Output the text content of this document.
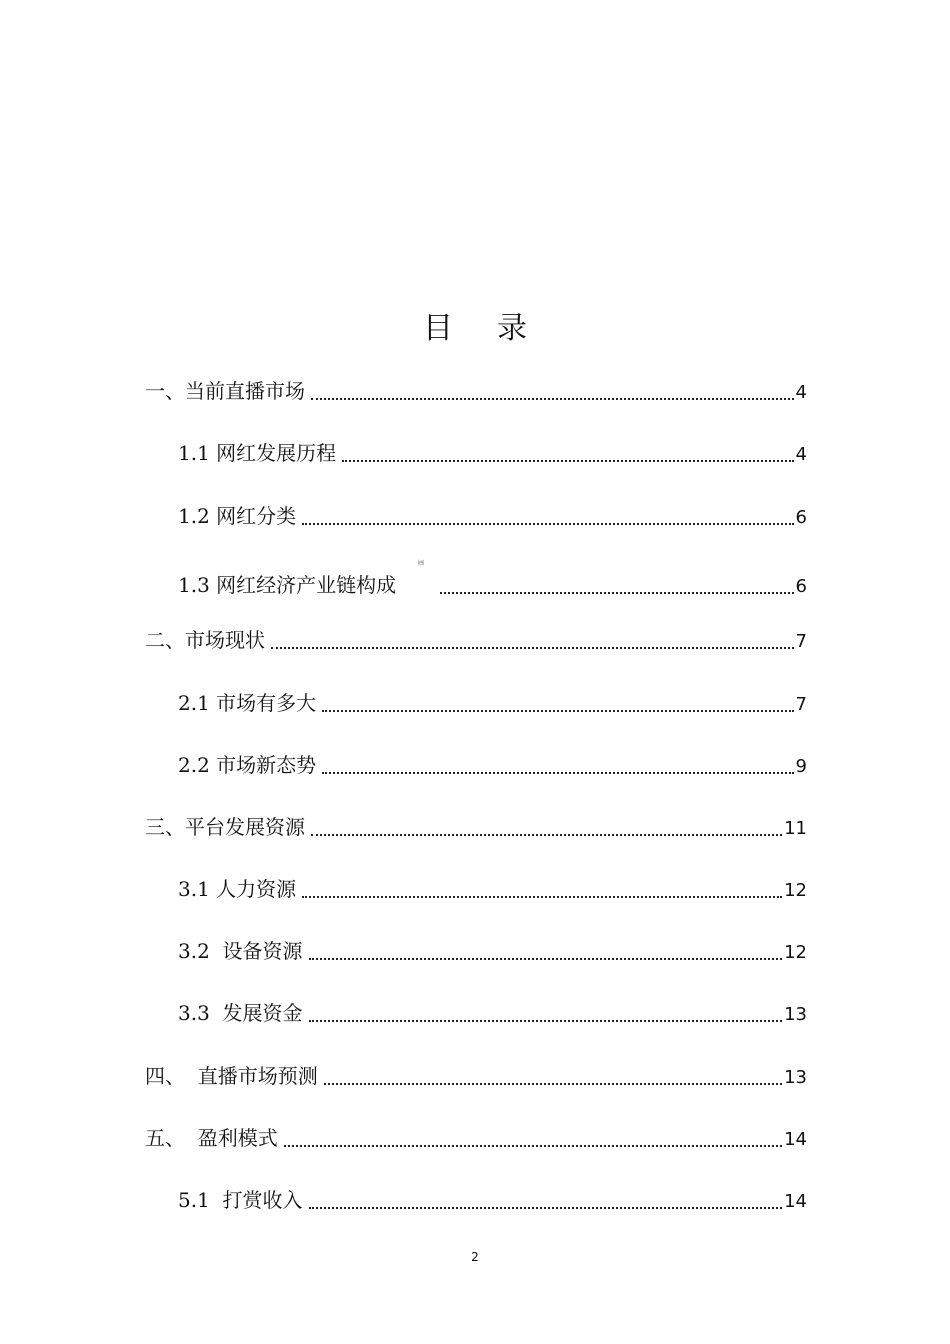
目 录
一、当前直播市场	4
1.1 网红发展历程	4
1.2 网红分类	6
㈣
1.3 网红经济产业链构成	6
二、市场现状	7
2.1 市场有多大	7
2.2 市场新态势	9
三、平台发展资源	11
3.1 人力资源	12
3.2  设备资源	12
3.3  发展资金	13
四、  直播市场预测	13
五、  盈利模式	14
5.1  打赏收入	14
2
